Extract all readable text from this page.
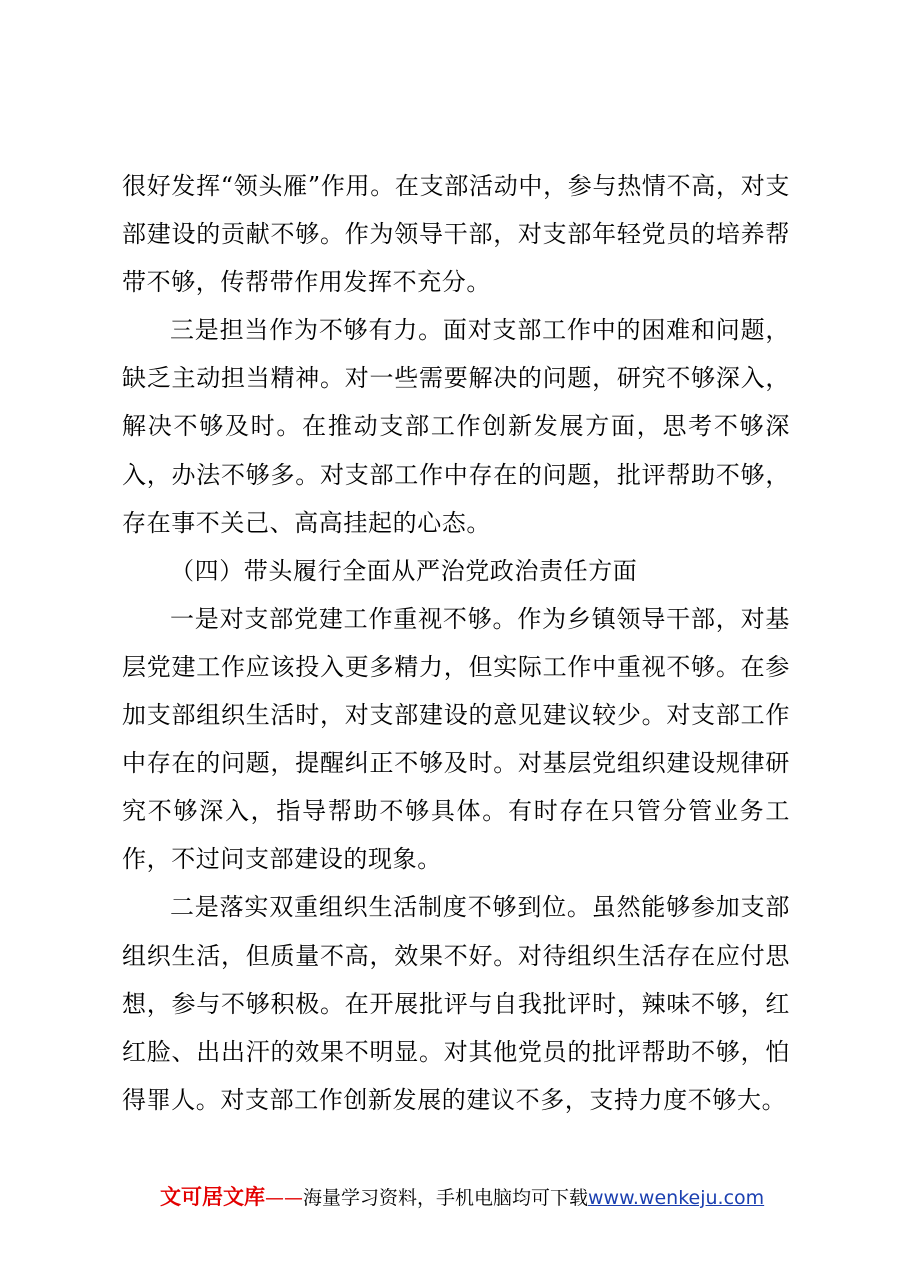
很好发挥“领头雁”作用。在支部活动中，参与热情不高，对支部建设的贡献不够。作为领导干部，对支部年轻党员的培养帮带不够，传帮带作用发挥不充分。

三是担当作为不够有力。面对支部工作中的困难和问题，缺乏主动担当精神。对一些需要解决的问题，研究不够深入，解决不够及时。在推动支部工作创新发展方面，思考不够深入，办法不够多。对支部工作中存在的问题，批评帮助不够，存在事不关己、高高挂起的心态。

（四）带头履行全面从严治党政治责任方面

一是对支部党建工作重视不够。作为乡镇领导干部，对基层党建工作应该投入更多精力，但实际工作中重视不够。在参加支部组织生活时，对支部建设的意见建议较少。对支部工作中存在的问题，提醒纠正不够及时。对基层党组织建设规律研究不够深入，指导帮助不够具体。有时存在只管分管业务工作，不过问支部建设的现象。

二是落实双重组织生活制度不够到位。虽然能够参加支部组织生活，但质量不高，效果不好。对待组织生活存在应付思想，参与不够积极。在开展批评与自我批评时，辣味不够，红红脸、出出汗的效果不明显。对其他党员的批评帮助不够，怕得罪人。对支部工作创新发展的建议不多，支持力度不够大。

文可居文库——海量学习资料，手机电脑均可下载www.wenkeju.com
